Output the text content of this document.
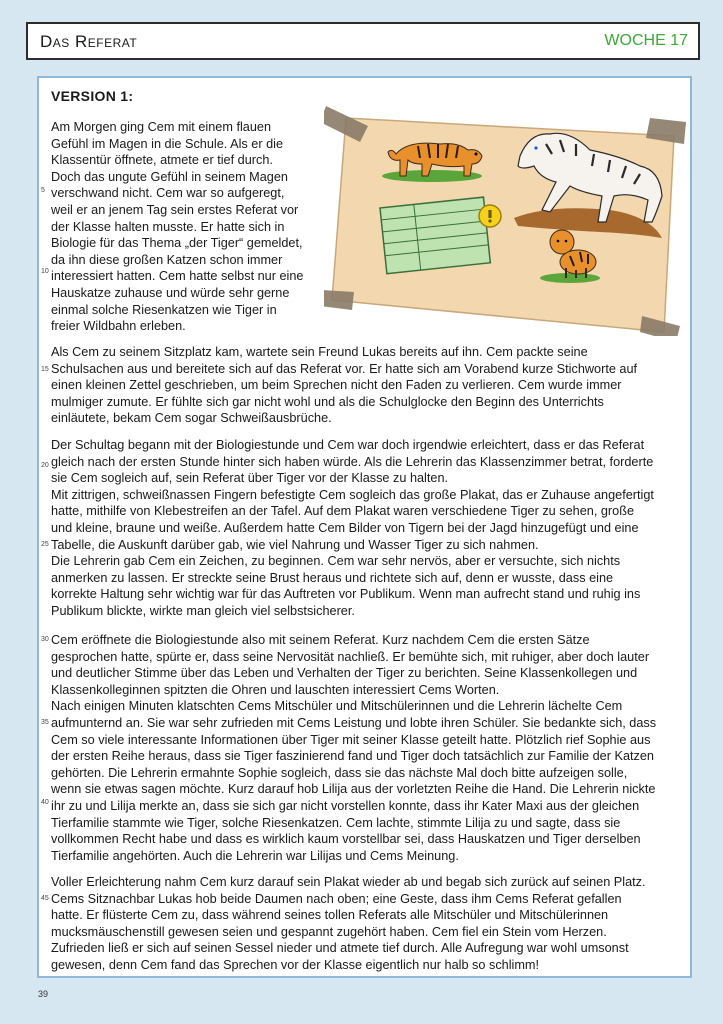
Das Referat	WOCHE 17
VERSION 1:
Am Morgen ging Cem mit einem flauen
Gefühl im Magen in die Schule. Als er die
Klassentür öffnete, atmete er tief durch.
Doch das ungute Gefühl in seinem Magen
verschwand nicht. Cem war so aufgeregt,
weil er an jenem Tag sein erstes Referat vor
der Klasse halten musste. Er hatte sich in
Biologie für das Thema „der Tiger“ gemeldet,
da ihn diese großen Katzen schon immer
interessiert hatten. Cem hatte selbst nur eine
Hauskatze zuhause und würde sehr gerne
einmal solche Riesenkatzen wie Tiger in
freier Wildbahn erleben.
Als Cem zu seinem Sitzplatz kam, wartete sein Freund Lukas bereits auf ihn. Cem packte seine
Schulsachen aus und bereitete sich auf das Referat vor. Er hatte sich am Vorabend kurze Stichworte auf
einen kleinen Zettel geschrieben, um beim Sprechen nicht den Faden zu verlieren. Cem wurde immer
mulmiger zumute. Er fühlte sich gar nicht wohl und als die Schulglocke den Beginn des Unterrichts
einläutete, bekam Cem sogar Schweißausbrüche.
Der Schultag begann mit der Biologiestunde und Cem war doch irgendwie erleichtert, dass er das Referat
gleich nach der ersten Stunde hinter sich haben würde. Als die Lehrerin das Klassenzimmer betrat, forderte
sie Cem sogleich auf, sein Referat über Tiger vor der Klasse zu halten.
Mit zittrigen, schweißnassen Fingern befestigte Cem sogleich das große Plakat, das er Zuhause angefertigt
hatte, mithilfe von Klebestreifen an der Tafel. Auf dem Plakat waren verschiedene Tiger zu sehen, große
und kleine, braune und weiße. Außerdem hatte Cem Bilder von Tigern bei der Jagd hinzugefügt und eine
Tabelle, die Auskunft darüber gab, wie viel Nahrung und Wasser Tiger zu sich nahmen.
Die Lehrerin gab Cem ein Zeichen, zu beginnen. Cem war sehr nervös, aber er versuchte, sich nichts
anmerken zu lassen. Er streckte seine Brust heraus und richtete sich auf, denn er wusste, dass eine
korrekte Haltung sehr wichtig war für das Auftreten vor Publikum. Wenn man aufrecht stand und ruhig ins
Publikum blickte, wirkte man gleich viel selbstsicherer.
Cem eröffnete die Biologiestunde also mit seinem Referat. Kurz nachdem Cem die ersten Sätze
gesprochen hatte, spürte er, dass seine Nervosität nachließ. Er bemühte sich, mit ruhiger, aber doch lauter
und deutlicher Stimme über das Leben und Verhalten der Tiger zu berichten. Seine Klassenkollegen und
Klassenkolleginnen spitzten die Ohren und lauschten interessiert Cems Worten.
Nach einigen Minuten klatschten Cems Mitschüler und Mitschülerinnen und die Lehrerin lächelte Cem
aufmunternd an. Sie war sehr zufrieden mit Cems Leistung und lobte ihren Schüler. Sie bedankte sich, dass
Cem so viele interessante Informationen über Tiger mit seiner Klasse geteilt hatte. Plötzlich rief Sophie aus
der ersten Reihe heraus, dass sie Tiger faszinierend fand und Tiger doch tatsächlich zur Familie der Katzen
gehörten. Die Lehrerin ermahnte Sophie sogleich, dass sie das nächste Mal doch bitte aufzeigen solle,
wenn sie etwas sagen möchte. Kurz darauf hob Lilija aus der vorletzten Reihe die Hand. Die Lehrerin nickte
ihr zu und Lilija merkte an, dass sie sich gar nicht vorstellen konnte, dass ihr Kater Maxi aus der gleichen
Tierfamilie stammte wie Tiger, solche Riesenkatzen. Cem lachte, stimmte Lilija zu und sagte, dass sie
vollkommen Recht habe und dass es wirklich kaum vorstellbar sei, dass Hauskatzen und Tiger derselben
Tierfamilie angehörten. Auch die Lehrerin war Lilijas und Cems Meinung.
Voller Erleichterung nahm Cem kurz darauf sein Plakat wieder ab und begab sich zurück auf seinen Platz.
Cems Sitznachbar Lukas hob beide Daumen nach oben; eine Geste, dass ihm Cems Referat gefallen
hatte. Er flüsterte Cem zu, dass während seines tollen Referats alle Mitschüler und Mitschülerinnen
mucksmäuschenstill gewesen seien und gespannt zugehört haben. Cem fiel ein Stein vom Herzen.
Zufrieden ließ er sich auf seinen Sessel nieder und atmete tief durch. Alle Aufregung war wohl umsonst
gewesen, denn Cem fand das Sprechen vor der Klasse eigentlich nur halb so schlimm!
5
10
15
20
25
30
35
40
45
39
